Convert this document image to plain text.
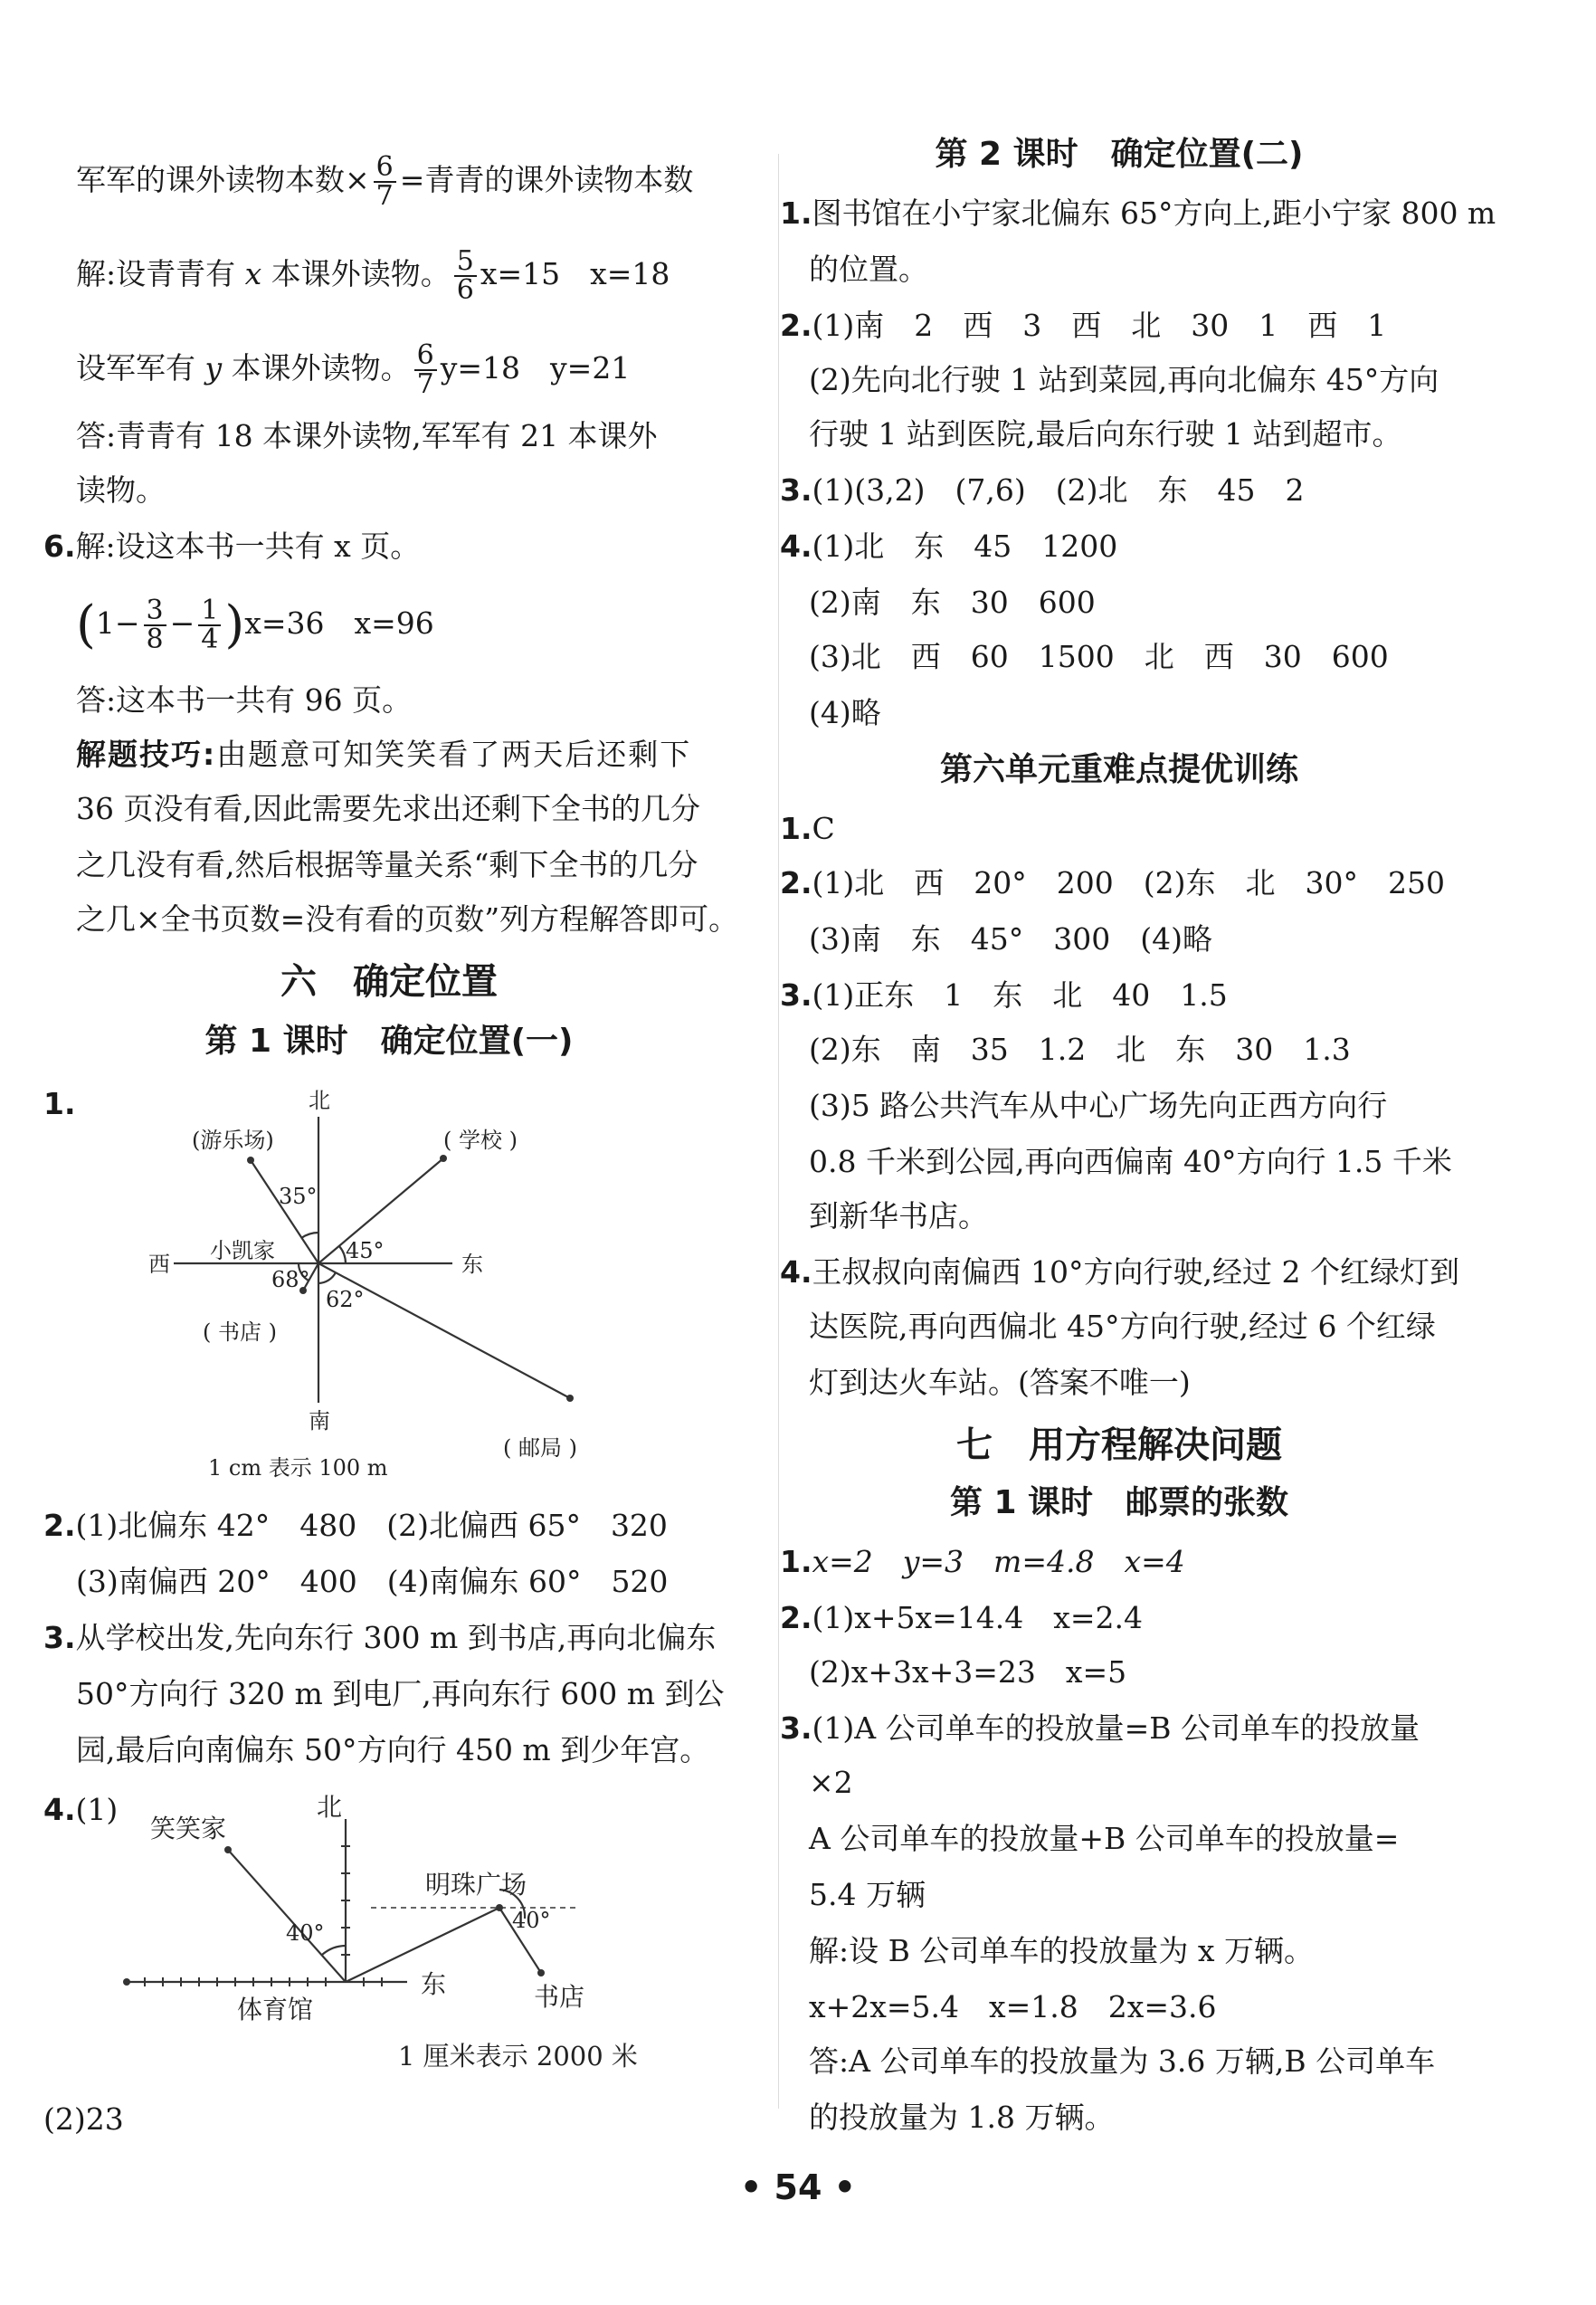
军军的课外读物本数× $\frac{6}{7}$ =青青的课外读物本数
解:设青青有 x 本课外读物。 $\frac{5}{6} x=15$　x=18
设军军有 y 本课外读物。 $\frac{6}{7} y=18$　y=21
答:青青有 18 本课外读物,军军有 21 本课外
读物。
6.解:设这本书一共有 x 页。
$(1- \frac{3}{8} - \frac{1}{4} )x=36$　x=96
答:这本书一共有 96 页。
解题技巧:由题意可知笑笑看了两天后还剩下
36 页没有看,因此需要先求出还剩下全书的几分
之几没有看,然后根据等量关系“剩下全书的几分
之几×全书页数=没有看的页数”列方程解答即可。
六　确定位置
第 1 课时　确定位置(一)
1.	北
南
东
西
(游乐场)	( 学校 )
小凯家
( 书店 )
( 邮局 )
35°
45°
68°
62°
1 cm 表示 100 m
2.(1)北偏东 42°　480　(2)北偏西 65°　320
(3)南偏西 20°　400　(4)南偏东 60°　520
3.从学校出发,先向东行 300 m 到书店,再向北偏东
50°方向行 320 m 到电厂,再向东行 600 m 到公
园,最后向南偏东 50°方向行 450 m 到少年宫。
4.(1)	北
东
笑笑家
明珠广场
体育馆	书店
40°	40°
1 厘米表示 2000 米
(2)23
第 2 课时　确定位置(二)
1.图书馆在小宁家北偏东 65°方向上,距小宁家 800 m
的位置。
2.(1)南　2　西　3　西　北　30　1　西　1
(2)先向北行驶 1 站到菜园,再向北偏东 45°方向
行驶 1 站到医院,最后向东行驶 1 站到超市。
3.(1)(3,2)　(7,6)　(2)北　东　45　2
4.(1)北　东　45　1200
(2)南　东　30　600
(3)北　西　60　1500　北　西　30　600
(4)略
第六单元重难点提优训练
1.C
2.(1)北　西　20°　200　(2)东　北　30°　250
(3)南　东　45°　300　(4)略
3.(1)正东　1　东　北　40　1.5
(2)东　南　35　1.2　北　东　30　1.3
(3)5 路公共汽车从中心广场先向正西方向行
0.8 千米到公园,再向西偏南 40°方向行 1.5 千米
到新华书店。
4.王叔叔向南偏西 10°方向行驶,经过 2 个红绿灯到
达医院,再向西偏北 45°方向行驶,经过 6 个红绿
灯到达火车站。(答案不唯一)
七　用方程解决问题
第 1 课时　邮票的张数
1.x=2　y=3　m=4.8　x=4
2.(1)x+5x=14.4　x=2.4
(2)x+3x+3=23　x=5
3.(1)A 公司单车的投放量=B 公司单车的投放量
×2
A 公司单车的投放量+B 公司单车的投放量=
5.4 万辆
解:设 B 公司单车的投放量为 x 万辆。
x+2x=5.4　x=1.8　2x=3.6
答:A 公司单车的投放量为 3.6 万辆,B 公司单车
的投放量为 1.8 万辆。
• 54 •
